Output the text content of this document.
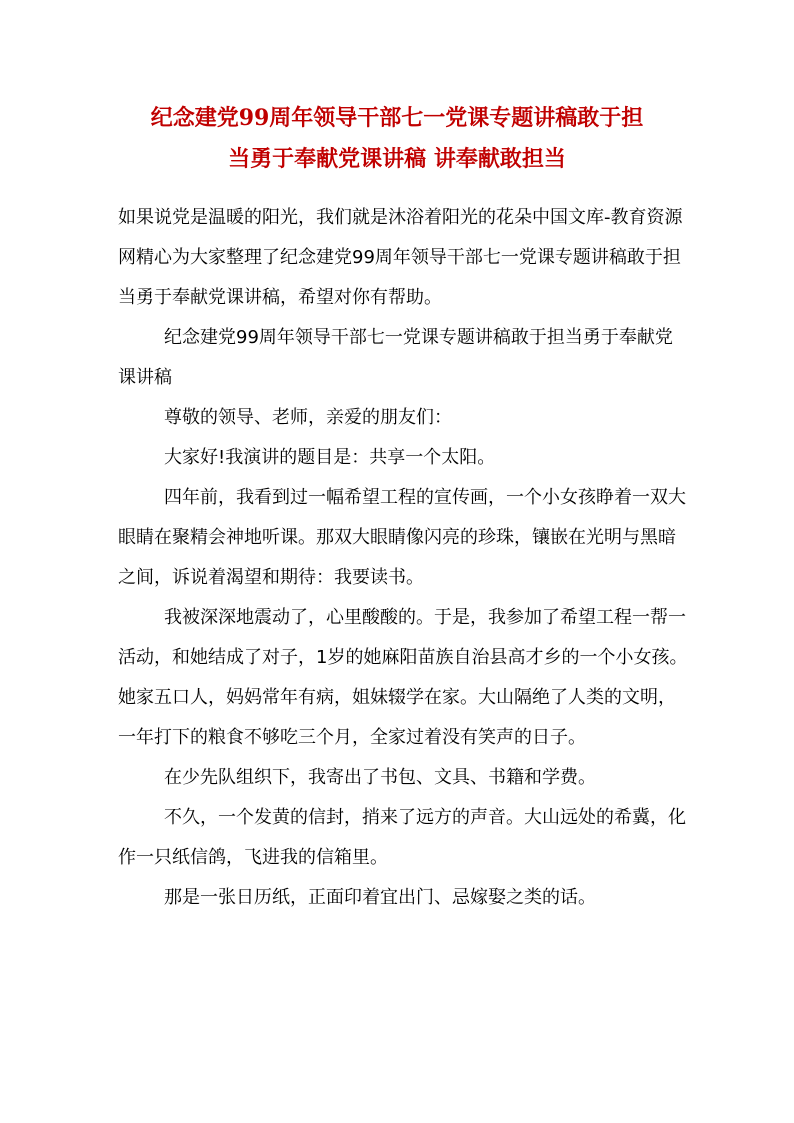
纪念建党99周年领导干部七一党课专题讲稿敢于担
当勇于奉献党课讲稿 讲奉献敢担当

如果说党是温暖的阳光，我们就是沐浴着阳光的花朵中国文库-教育资源网精心为大家整理了纪念建党99周年领导干部七一党课专题讲稿敢于担当勇于奉献党课讲稿，希望对你有帮助。

纪念建党99周年领导干部七一党课专题讲稿敢于担当勇于奉献党课讲稿

尊敬的领导、老师，亲爱的朋友们：

大家好!我演讲的题目是：共享一个太阳。

四年前，我看到过一幅希望工程的宣传画，一个小女孩睁着一双大眼睛在聚精会神地听课。那双大眼睛像闪亮的珍珠，镶嵌在光明与黑暗之间，诉说着渴望和期待：我要读书。

我被深深地震动了，心里酸酸的。于是，我参加了希望工程一帮一活动，和她结成了对子，1岁的她麻阳苗族自治县高才乡的一个小女孩。她家五口人，妈妈常年有病，姐妹辍学在家。大山隔绝了人类的文明，一年打下的粮食不够吃三个月，全家过着没有笑声的日子。

在少先队组织下，我寄出了书包、文具、书籍和学费。

不久，一个发黄的信封，捎来了远方的声音。大山远处的希冀，化作一只纸信鸽，飞进我的信箱里。

那是一张日历纸，正面印着宜出门、忌嫁娶之类的话。
